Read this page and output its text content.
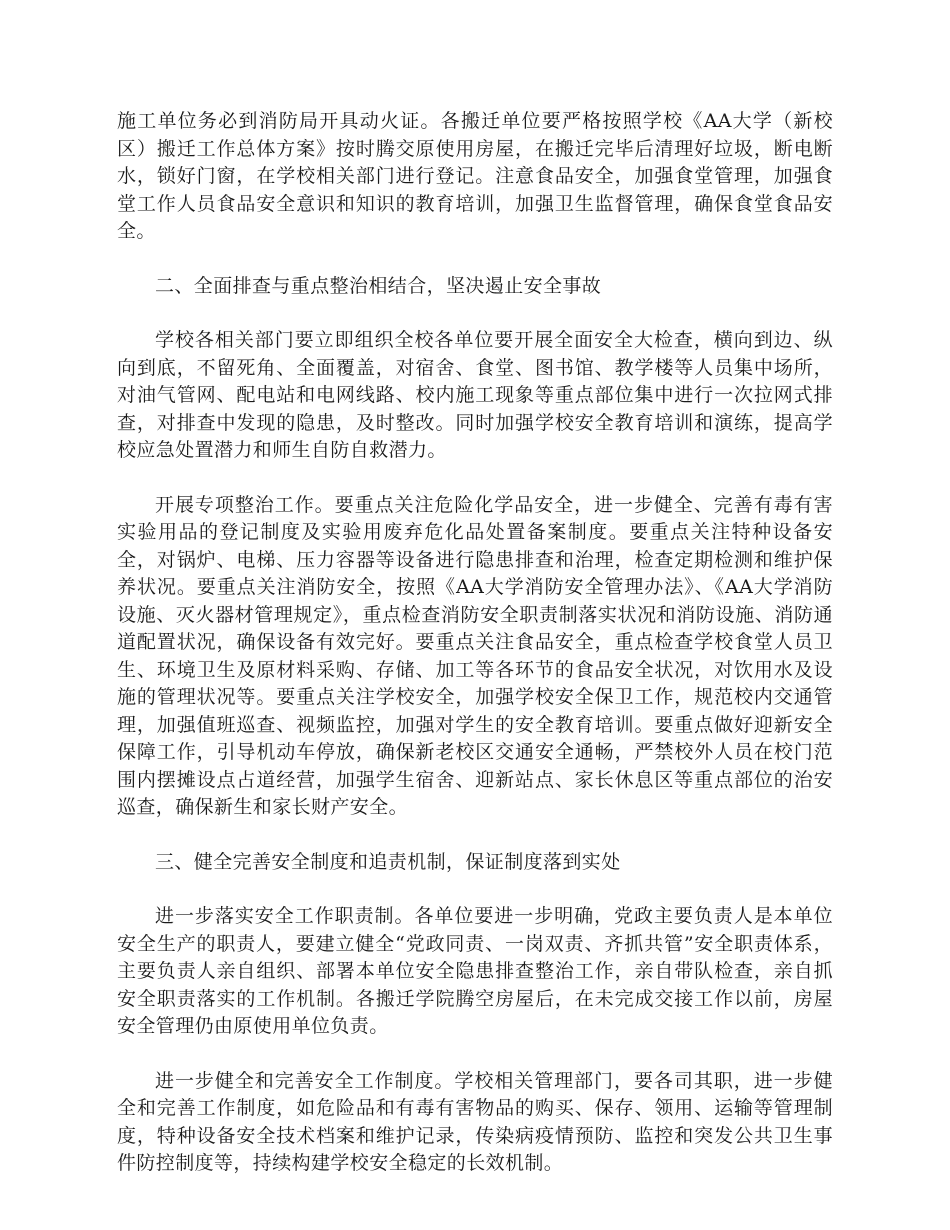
施工单位务必到消防局开具动火证。各搬迁单位要严格按照学校《AA大学（新校区）搬迁工作总体方案》按时腾交原使用房屋，在搬迁完毕后清理好垃圾，断电断水，锁好门窗，在学校相关部门进行登记。注意食品安全，加强食堂管理，加强食堂工作人员食品安全意识和知识的教育培训，加强卫生监督管理，确保食堂食品安全。

二、全面排查与重点整治相结合，坚决遏止安全事故

学校各相关部门要立即组织全校各单位要开展全面安全大检查，横向到边、纵向到底，不留死角、全面覆盖，对宿舍、食堂、图书馆、教学楼等人员集中场所，对油气管网、配电站和电网线路、校内施工现象等重点部位集中进行一次拉网式排查，对排查中发现的隐患，及时整改。同时加强学校安全教育培训和演练，提高学校应急处置潜力和师生自防自救潜力。

开展专项整治工作。要重点关注危险化学品安全，进一步健全、完善有毒有害实验用品的登记制度及实验用废弃危化品处置备案制度。要重点关注特种设备安全，对锅炉、电梯、压力容器等设备进行隐患排查和治理，检查定期检测和维护保养状况。要重点关注消防安全，按照《AA大学消防安全管理办法》、《AA大学消防设施、灭火器材管理规定》，重点检查消防安全职责制落实状况和消防设施、消防通道配置状况，确保设备有效完好。要重点关注食品安全，重点检查学校食堂人员卫生、环境卫生及原材料采购、存储、加工等各环节的食品安全状况，对饮用水及设施的管理状况等。要重点关注学校安全，加强学校安全保卫工作，规范校内交通管理，加强值班巡查、视频监控，加强对学生的安全教育培训。要重点做好迎新安全保障工作，引导机动车停放，确保新老校区交通安全通畅，严禁校外人员在校门范围内摆摊设点占道经营，加强学生宿舍、迎新站点、家长休息区等重点部位的治安巡查，确保新生和家长财产安全。

三、健全完善安全制度和追责机制，保证制度落到实处

进一步落实安全工作职责制。各单位要进一步明确，党政主要负责人是本单位安全生产的职责人，要建立健全“党政同责、一岗双责、齐抓共管”安全职责体系，主要负责人亲自组织、部署本单位安全隐患排查整治工作，亲自带队检查，亲自抓安全职责落实的工作机制。各搬迁学院腾空房屋后，在未完成交接工作以前，房屋安全管理仍由原使用单位负责。

进一步健全和完善安全工作制度。学校相关管理部门，要各司其职，进一步健全和完善工作制度，如危险品和有毒有害物品的购买、保存、领用、运输等管理制度，特种设备安全技术档案和维护记录，传染病疫情预防、监控和突发公共卫生事件防控制度等，持续构建学校安全稳定的长效机制。
